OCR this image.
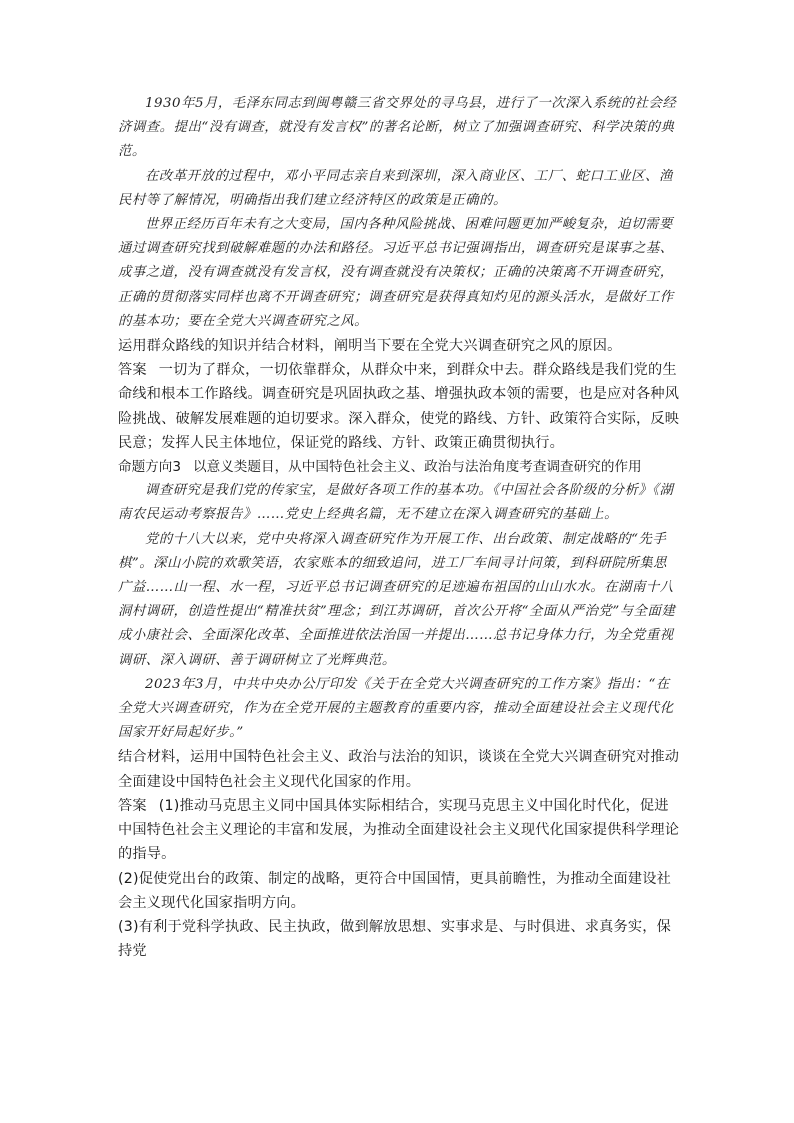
1930年5月，毛泽东同志到闽粤赣三省交界处的寻乌县，进行了一次深入系统的社会经济调查。提出“没有调查，就没有发言权”的著名论断，树立了加强调查研究、科学决策的典范。

在改革开放的过程中，邓小平同志亲自来到深圳，深入商业区、工厂、蛇口工业区、渔民村等了解情况，明确指出我们建立经济特区的政策是正确的。

世界正经历百年未有之大变局，国内各种风险挑战、困难问题更加严峻复杂，迫切需要通过调查研究找到破解难题的办法和路径。习近平总书记强调指出，调查研究是谋事之基、成事之道，没有调查就没有发言权，没有调查就没有决策权；正确的决策离不开调查研究，正确的贯彻落实同样也离不开调查研究；调查研究是获得真知灼见的源头活水，是做好工作的基本功；要在全党大兴调查研究之风。

运用群众路线的知识并结合材料，阐明当下要在全党大兴调查研究之风的原因。

答案 一切为了群众，一切依靠群众，从群众中来，到群众中去。群众路线是我们党的生命线和根本工作路线。调查研究是巩固执政之基、增强执政本领的需要，也是应对各种风险挑战、破解发展难题的迫切要求。深入群众，使党的路线、方针、政策符合实际，反映民意；发挥人民主体地位，保证党的路线、方针、政策正确贯彻执行。

命题方向3 以意义类题目，从中国特色社会主义、政治与法治角度考查调查研究的作用

调查研究是我们党的传家宝，是做好各项工作的基本功。《中国社会各阶级的分析》《湖南农民运动考察报告》……党史上经典名篇，无不建立在深入调查研究的基础上。

党的十八大以来，党中央将深入调查研究作为开展工作、出台政策、制定战略的“先手棋”。深山小院的欢歌笑语，农家账本的细致追问，进工厂车间寻计问策，到科研院所集思广益……山一程、水一程，习近平总书记调查研究的足迹遍布祖国的山山水水。在湖南十八洞村调研，创造性提出“精准扶贫”理念；到江苏调研，首次公开将“全面从严治党”与全面建成小康社会、全面深化改革、全面推进依法治国一并提出……总书记身体力行，为全党重视调研、深入调研、善于调研树立了光辉典范。

2023年3月，中共中央办公厅印发《关于在全党大兴调查研究的工作方案》指出：“在全党大兴调查研究，作为在全党开展的主题教育的重要内容，推动全面建设社会主义现代化国家开好局起好步。”

结合材料，运用中国特色社会主义、政治与法治的知识，谈谈在全党大兴调查研究对推动全面建设中国特色社会主义现代化国家的作用。

答案 (1)推动马克思主义同中国具体实际相结合，实现马克思主义中国化时代化，促进中国特色社会主义理论的丰富和发展，为推动全面建设社会主义现代化国家提供科学理论的指导。

(2)促使党出台的政策、制定的战略，更符合中国国情，更具前瞻性，为推动全面建设社会主义现代化国家指明方向。

(3)有利于党科学执政、民主执政，做到解放思想、实事求是、与时俱进、求真务实，保持党
